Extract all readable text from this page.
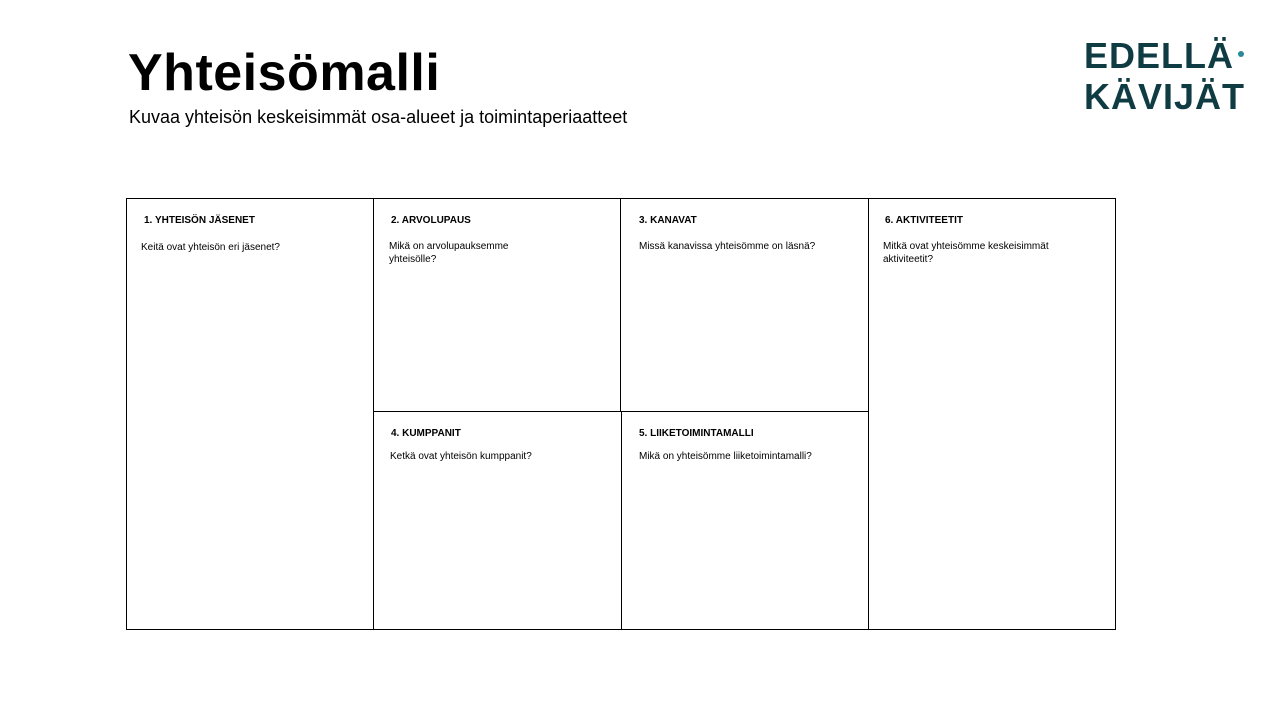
Yhteisömalli

Kuvaa yhteisön keskeisimmät osa-alueet ja toimintaperiaatteet

EDELLÄ
KÄVIJÄT
1. YHTEISÖN JÄSENET
Keitä ovat yhteisön eri jäsenet?
2. ARVOLUPAUS
Mikä on arvolupauksemme yhteisölle?
3. KANAVAT
Missä kanavissa yhteisömme on läsnä?
4. KUMPPANIT
Ketkä ovat yhteisön kumppanit?
5. LIIKETOIMINTAMALLI
Mikä on yhteisömme liiketoimintamalli?
6. AKTIVITEETIT
Mitkä ovat yhteisömme keskeisimmät aktiviteetit?
